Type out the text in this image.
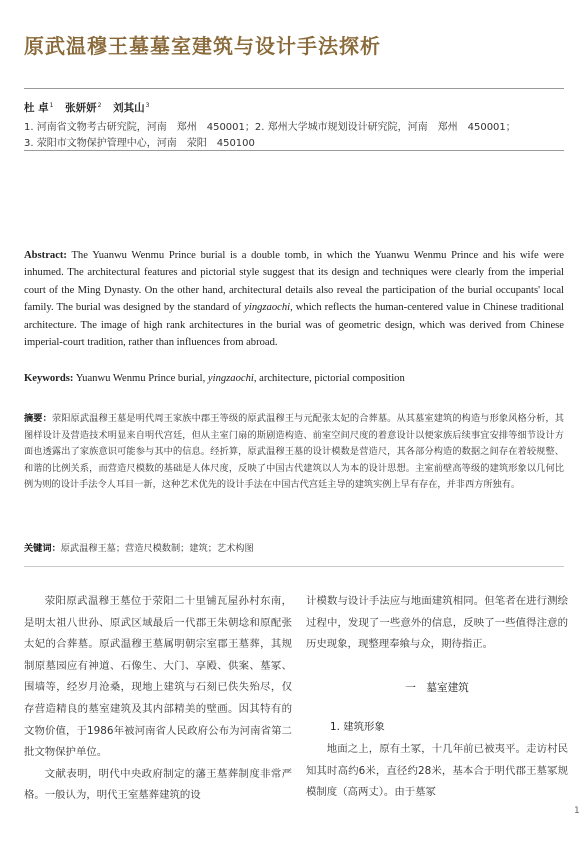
原武温穆王墓墓室建筑与设计手法探析
杜 卓$^1$ 张妍妍$^2$ 刘其山$^3$
1. 河南省文物考古研究院，河南　郑州　450001；2. 郑州大学城市规划设计研究院，河南　郑州　450001；
3. 荥阳市文物保护管理中心，河南　荥阳　450100
Abstract: The Yuanwu Wenmu Prince burial is a double tomb, in which the Yuanwu Wenmu Prince and his wife were inhumed. The architectural features and pictorial style suggest that its design and techniques were clearly from the imperial court of the Ming Dynasty. On the other hand, architectural details also reveal the participation of the burial occupants' local family. The burial was designed by the standard of yingzaochi, which reflects the human-centered value in Chinese traditional architecture. The image of high rank architectures in the burial was of geometric design, which was derived from Chinese imperial-court tradition, rather than influences from abroad.
Keywords: Yuanwu Wenmu Prince burial, yingzaochi, architecture, pictorial composition
摘要：荥阳原武温穆王墓是明代周王家族中郡王等级的原武温穆王与元配张太妃的合葬墓。从其墓室建筑的构造与形象风格分析，其图样设计及营造技术明显来自明代宫廷，但从主室门扇的斯剧造构造、前室空间尺度的着意设计以便家族后续事宜安排等细节设计方面也透露出了家族意识可能参与其中的信息。经折算，原武温穆王墓的设计模数是营造尺，其各部分构造的数据之间存在着较规整、和谐的比例关系，而营造尺模数的基础是人体尺度，反映了中国古代建筑以人为本的设计思想。主室前壁高等级的建筑形象以几何比例为则的设计手法令人耳目一新，这种艺术优先的设计手法在中国古代宫廷主导的建筑实例上早有存在，并非西方所独有。
关键词：原武温穆王墓；营造尺模数制；建筑；艺术构图

荥阳原武温穆王墓位于荥阳二十里铺瓦屋孙村东南，是明太祖八世孙、原武区域最后一代郡王朱朝埝和原配张太妃的合葬墓。原武温穆王墓属明朝宗室郡王墓葬，其规制原墓园应有神道、石像生、大门、享殿、供案、墓冢、围墙等，经岁月沧桑，现地上建筑与石刻已佚失殆尽，仅存营造精良的墓室建筑及其内部精美的壁画。因其特有的文物价值，于1986年被河南省人民政府公布为河南省第二批文物保护单位。

文献表明，明代中央政府制定的藩王墓葬制度非常严格。一般认为，明代王室墓葬建筑的设

计模数与设计手法应与地面建筑相同。但笔者在进行测绘过程中，发现了一些意外的信息，反映了一些值得注意的历史现象，现整理奉飨与众，期待指正。

一　墓室建筑

1. 建筑形象

地面之上，原有土冢，十几年前已被夷平。走访村民知其时高约6米，直径约28米，基本合于明代郡王墓冢规模制度（高两丈）。由于墓冢

1
